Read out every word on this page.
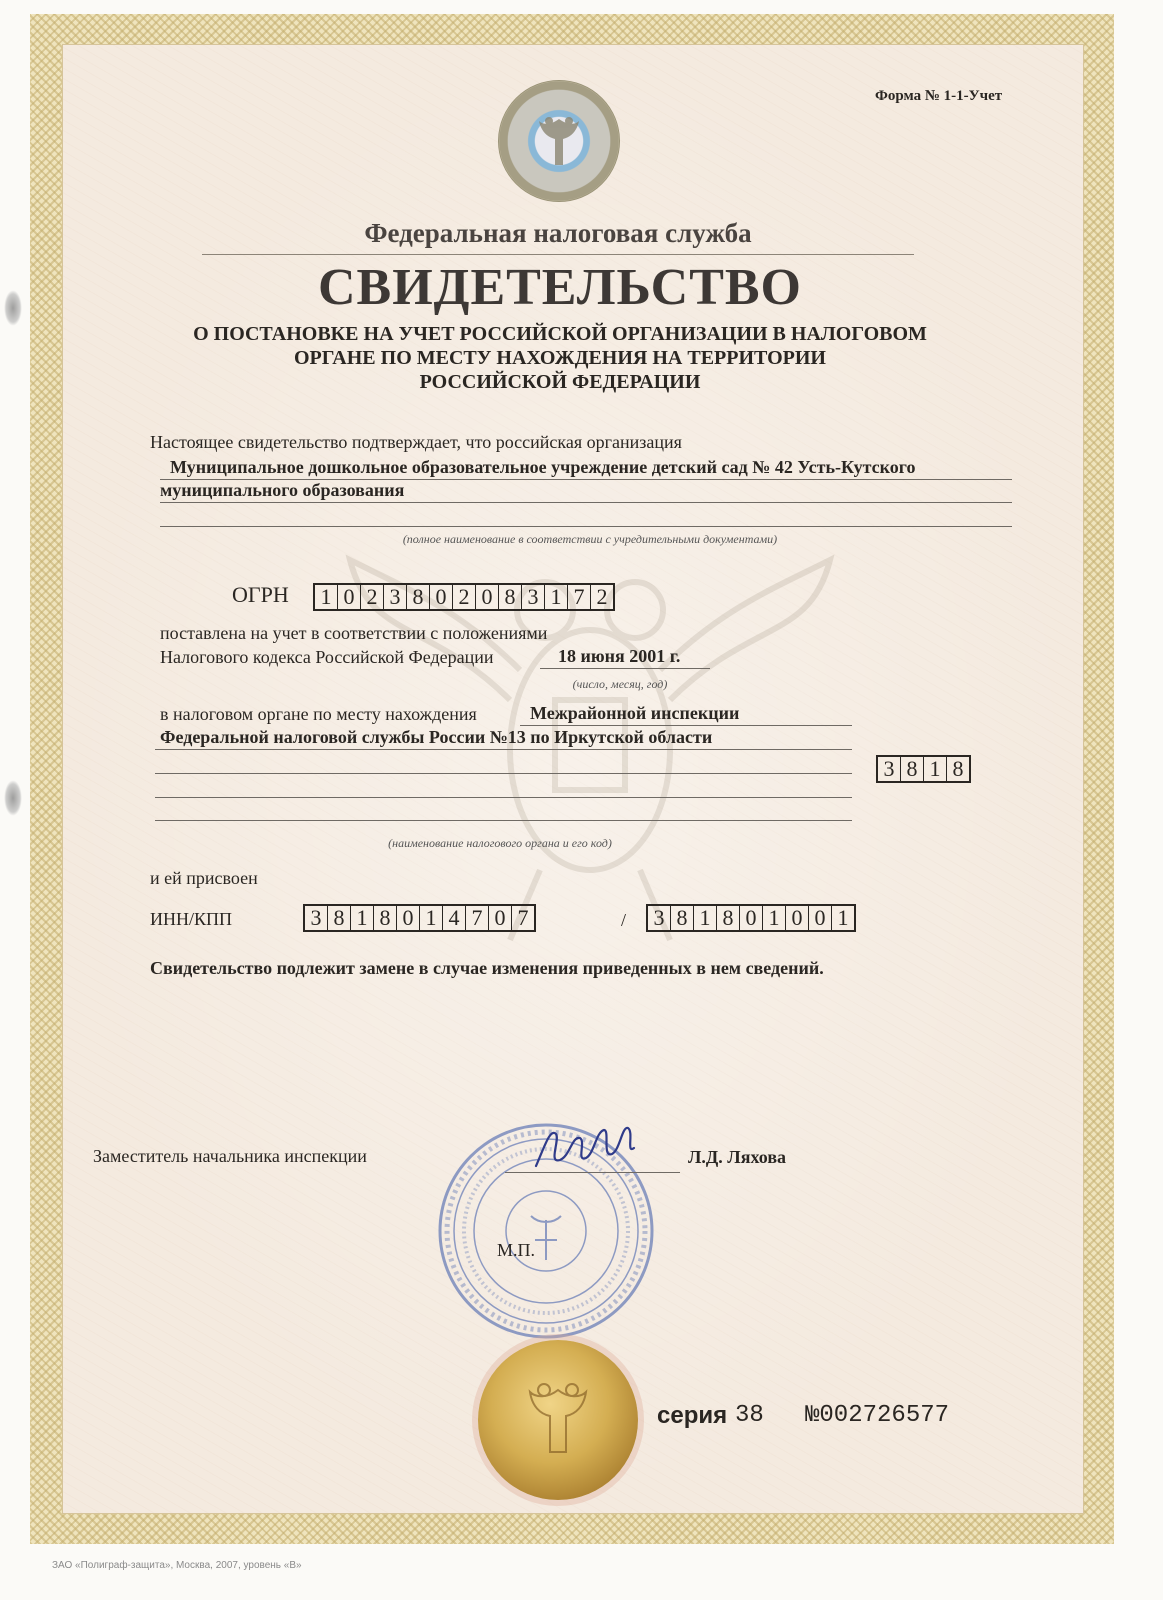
Форма № 1-1-Учет
Федеральная налоговая служба
СВИДЕТЕЛЬСТВО
О ПОСТАНОВКЕ НА УЧЕТ РОССИЙСКОЙ ОРГАНИЗАЦИИ В НАЛОГОВОМ
ОРГАНЕ ПО МЕСТУ НАХОЖДЕНИЯ НА ТЕРРИТОРИИ
РОССИЙСКОЙ ФЕДЕРАЦИИ
Настоящее свидетельство подтверждает, что российская организация
Муниципальное дошкольное образовательное учреждение детский сад № 42 Усть-Кутского
муниципального образования
(полное наименование в соответствии с учредительными документами)
ОГРН 1 0 2 3 8 0 2 0 8 3 1 7 2
поставлена на учет в соответствии с положениями
Налогового кодекса Российской Федерации	18 июня 2001 г.
(число, месяц, год)
в налоговом органе по месту нахождения	Межрайонной инспекции
Федеральной налоговой службы России №13 по Иркутской области
3 8 1 8
(наименование налогового органа и его код)
и ей присвоен
ИНН/КПП	3 8 1 8 0 1 4 7 0 7	/ 3 8 1 8 0 1 0 0 1
Свидетельство подлежит замене в случае изменения приведенных в нем сведений.
Заместитель начальника инспекции	Л.Д. Ляхова
М.П.
серия 38 №002726577
ЗАО «Полиграф-защита», Москва, 2007, уровень «В»
